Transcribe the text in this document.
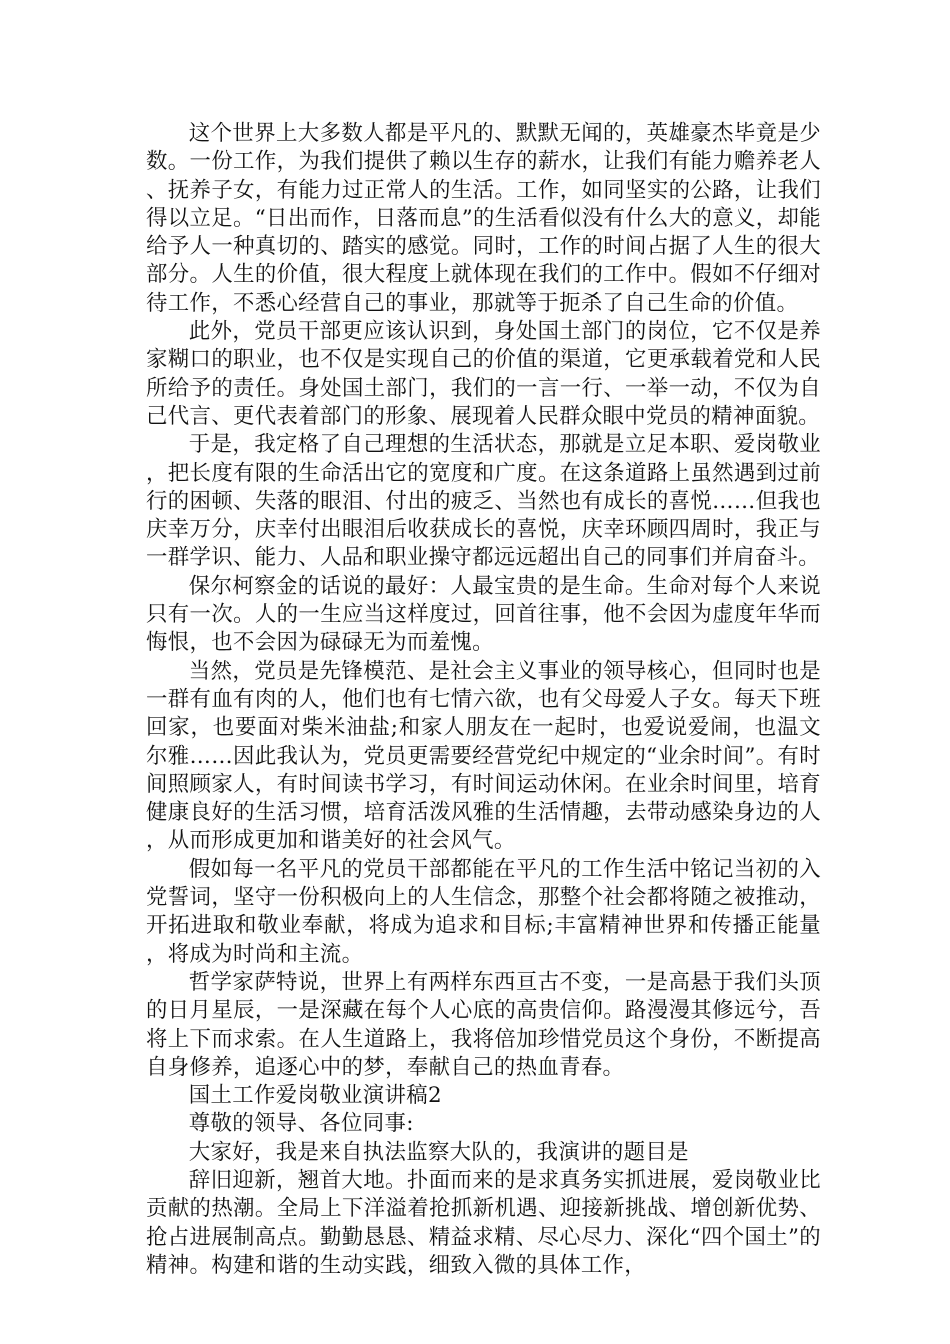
这个世界上大多数人都是平凡的、默默无闻的，英雄豪杰毕竟是少数。一份工作，为我们提供了赖以生存的薪水，让我们有能力赡养老人、抚养子女，有能力过正常人的生活。工作，如同坚实的公路，让我们得以立足。“日出而作，日落而息”的生活看似没有什么大的意义，却能给予人一种真切的、踏实的感觉。同时，工作的时间占据了人生的很大部分。人生的价值，很大程度上就体现在我们的工作中。假如不仔细对待工作，不悉心经营自己的事业，那就等于扼杀了自己生命的价值。

此外，党员干部更应该认识到，身处国土部门的岗位，它不仅是养家糊口的职业，也不仅是实现自己的价值的渠道，它更承载着党和人民所给予的责任。身处国土部门，我们的一言一行、一举一动，不仅为自己代言、更代表着部门的形象、展现着人民群众眼中党员的精神面貌。

于是，我定格了自己理想的生活状态，那就是立足本职、爱岗敬业，把长度有限的生命活出它的宽度和广度。在这条道路上虽然遇到过前行的困顿、失落的眼泪、付出的疲乏、当然也有成长的喜悦……但我也庆幸万分，庆幸付出眼泪后收获成长的喜悦，庆幸环顾四周时，我正与一群学识、能力、人品和职业操守都远远超出自己的同事们并肩奋斗。

保尔柯察金的话说的最好：人最宝贵的是生命。生命对每个人来说只有一次。人的一生应当这样度过，回首往事，他不会因为虚度年华而悔恨，也不会因为碌碌无为而羞愧。

当然，党员是先锋模范、是社会主义事业的领导核心，但同时也是一群有血有肉的人，他们也有七情六欲，也有父母爱人子女。每天下班回家，也要面对柴米油盐;和家人朋友在一起时，也爱说爱闹，也温文尔雅……因此我认为，党员更需要经营党纪中规定的“业余时间”。有时间照顾家人，有时间读书学习，有时间运动休闲。在业余时间里，培育健康良好的生活习惯，培育活泼风雅的生活情趣，去带动感染身边的人，从而形成更加和谐美好的社会风气。

假如每一名平凡的党员干部都能在平凡的工作生活中铭记当初的入党誓词，坚守一份积极向上的人生信念，那整个社会都将随之被推动，开拓进取和敬业奉献，将成为追求和目标;丰富精神世界和传播正能量，将成为时尚和主流。

哲学家萨特说，世界上有两样东西亘古不变，一是高悬于我们头顶的日月星辰，一是深藏在每个人心底的高贵信仰。路漫漫其修远兮，吾将上下而求索。在人生道路上，我将倍加珍惜党员这个身份，不断提高自身修养，追逐心中的梦，奉献自己的热血青春。

国土工作爱岗敬业演讲稿2

尊敬的领导、各位同事:

大家好，我是来自执法监察大队的，我演讲的题目是

辞旧迎新，翘首大地。扑面而来的是求真务实抓进展，爱岗敬业比贡献的热潮。全局上下洋溢着抢抓新机遇、迎接新挑战、增创新优势、抢占进展制高点。勤勤恳恳、精益求精、尽心尽力、深化“四个国土”的精神。构建和谐的生动实践，细致入微的具体工作，
